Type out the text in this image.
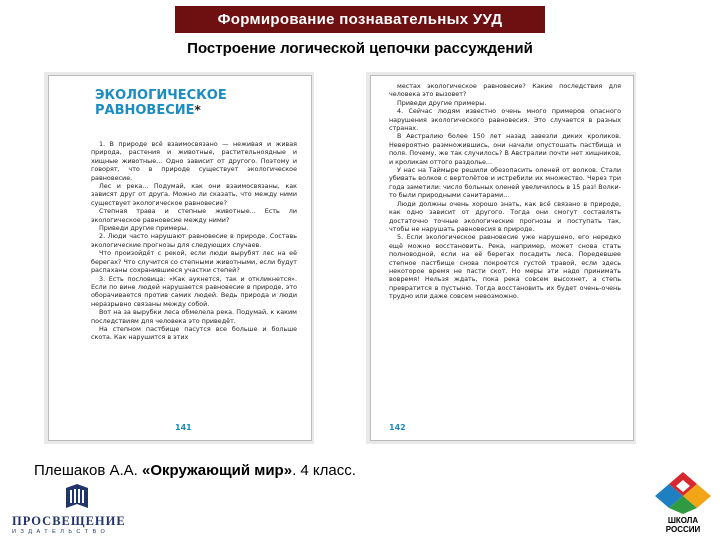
Формирование познавательных УУД
Построение логической цепочки рассуждений
ЭКОЛОГИЧЕСКОЕ
РАВНОВЕСИЕ*

1. В природе всё взаимосвязано — неживая и живая природа, растения и животные, растительноядные и хищные животные... Одно зависит от другого. Поэтому и говорят, что в природе существует экологическое равновесие.

Лес и река... Подумай, как они взаимосвязаны, как зависят друг от друга. Можно ли сказать, что между ними существует экологическое равновесие?

Степная трава и степные животные... Есть ли экологическое равновесие между ними?

Приведи другие примеры.

2. Люди часто нарушают равновесие в природе. Составь экологические прогнозы для следующих случаев.

Что произойдёт с рекой, если люди вырубят лес на её берегах? Что случится со степными животными, если будут распаханы сохранившиеся участки степей?

3. Есть пословица: «Как аукнется, так и откликнется». Если по вине людей нарушается равновесие в природе, это оборачивается против самих людей. Ведь природа и люди неразрывно связаны между собой.

Вот на за вырубки леса обмелела река. Подумай, к каким последствиям для человека это приведёт.

На степном пастбище пасутся все больше и больше скота. Как нарушится в этих

141

местах экологическое равновесие? Какие последствия для человека это вызовет?

Приведи другие примеры.

4. Сейчас людям известно очень много примеров опасного нарушения экологического равновесия. Это случается в разных странах.

В Австралию более 150 лет назад завезли диких кроликов. Невероятно размножившись, они начали опустошать пастбища и поля. Почему, же так случилось? В Австралии почти нет хищников, и кроликам оттого раздолье...

У нас на Таймыре решили обезопасить оленей от волков. Стали убивать волков с вертолётов и истребили их множество. Через три года заметили: число больных оленей увеличилось в 15 раз! Волки-то были природными санитарами...

Люди должны очень хорошо знать, как всё связано в природе, как одно зависит от другого. Тогда они смогут составлять достаточно точные экологические прогнозы и поступать так, чтобы не нарушать равновесия в природе.

5. Если экологическое равновесие уже нарушено, его нередко ещё можно восстановить. Река, например, может снова стать полноводной, если на её берегах посадить леса. Поредевшее степное пастбище снова покроется густой травой, если здесь некоторое время не пасти скот. Но меры эти надо принимать вовремя! Нельзя ждать, пока река совсем высохнет, а степь превратится в пустыню. Тогда восстановить их будет очень-очень трудно или даже совсем невозможно.

142
Плешаков А.А. «Окружающий мир». 4 класс.
ПРОСВЕЩЕНИЕ
ИЗДАТЕЛЬСТВО
ШКОЛА
РОССИИ
